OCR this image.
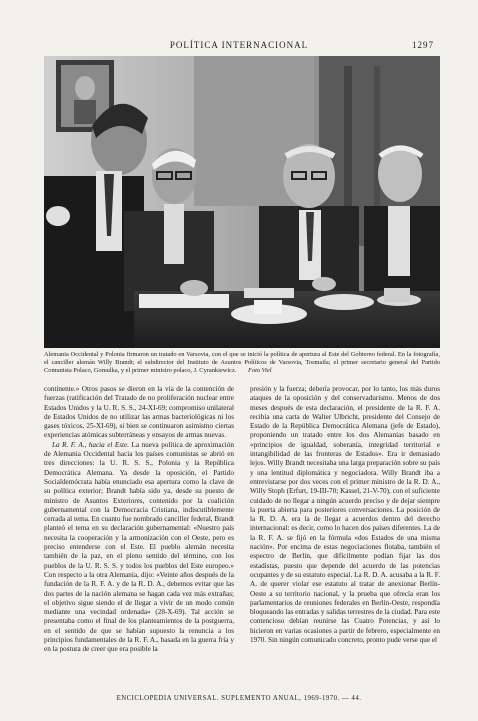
POLÍTICA INTERNACIONAL	1297
Alemania Occidental y Polonia firmaron un tratado en Varsovia, con el que se inició la política de apertura al Este del Gobierno federal. En la fotografía, el canciller alemán Willy Brandt; el subdirector del Instituto de Asuntos Políticos de Varsovia, Tosmaila; el primer secretario general del Partido Comunista Polaco, Gomulka, y el primer ministro polaco, J. Cyrankiewicz. Foto Viel

continente.» Otros pasos se dieron en la vía de la contención de fuerzas (ratificación del Tratado de no proliferación nuclear entre Estados Unidos y la U. R. S. S., 24-XI-69; compromiso unilateral de Estados Unidos de no utilizar las armas bacteriológicas ni los gases tóxicos, 25-XI-69), si bien se continuaron asimismo ciertas experiencias atómicas subterráneas y ensayos de armas nuevas.

La R. F. A., hacia el Este. La nueva política de aproximación de Alemania Occidental hacia los países comunistas se abrió en tres direcciones: la U. R. S. S., Polonia y la República Democrática Alemana. Ya desde la oposición, el Partido Socialdemócrata había enunciado esa apertura como la clave de su política exterior; Brandt había sido ya, desde su puesto de ministro de Asuntos Exteriores, contenido por la coalición gubernamental con la Democracia Cristiana, indiscutiblemente cerrada al tema. En cuanto fue nombrado canciller federal, Brandt planteó el tema en su declaración gubernamental: «Nuestro país necesita la cooperación y la armonización con el Oeste, pero es preciso entenderse con el Este. El pueblo alemán necesita también de la paz, en el pleno sentido del término, con los pueblos de la U. R. S. S. y todos los pueblos del Este europeo.» Con respecto a la otra Alemania, dijo: «Veinte años después de la fundación de la R. F. A. y de la R. D. A., debemos evitar que las dos partes de la nación alemana se hagan cada vez más extrañas; el objetivo sigue siendo el de llegar a vivir de un modo común mediante una vecindad ordenada» (28-X-69). Tal acción se presentaba como el final de los planteamientos de la postguerra, en el sentido de que se habían supuesto la renuncia a los principios fundamentales de la R. F. A., basada en la guerra fría y en la postura de creer que era posible la

presión y la fuerza; debería provocar, por lo tanto, los más duros ataques de la oposición y del conservadurismo. Menos de dos meses después de esta declaración, el presidente de la R. F. A. recibía una carta de Walter Ulbricht, presidente del Consejo de Estado de la República Democrática Alemana (jefe de Estado), proponiendo un tratado entre los dos Alemanias basado en «principios de igualdad, soberanía, integridad territorial e intangibilidad de las fronteras de Estados». Era ir demasiado lejos. Willy Brandt necesitaba una larga preparación sobre su país y una lentitud diplomática y negociadora. Willy Brandt iba a entrevistarse por dos veces con el primer ministro de la R. D. A., Willy Stoph (Erfurt, 19-III-70; Kassel, 21-V-70), con el suficiente cuidado de no llegar a ningún acuerdo preciso y de dejar siempre la puerta abierta para posteriores conversaciones. La posición de la R. D. A. era la de llegar a acuerdos dentro del derecho internacional: es decir, como lo hacen dos países diferentes. La de la R. F. A. se fijó en la fórmula «dos Estados de una misma nación». Por encima de estas negociaciones flotaba, también el espectro de Berlín, que difícilmente podían fijar las dos estadistas, puesto que depende del acuerdo de las potencias ocupantes y de su estatuto especial. La R. D. A. acusaba a la R. F. A. de querer violar ese estatuto al tratar de anexionar Berlín-Oeste a su territorio nacional, y la prueba que ofrecía eran los parlamentarios de reuniones federales en Berlín-Oeste, respondía bloqueando las entradas y salidas terrestres de la ciudad. Para este contencioso debían reunirse las Cuatro Potencias, y así lo hicieron en varias ocasiones a partir de febrero, especialmente en 1970. Sin ningún comunicado concreto, pronto pude verse que el

ENCICLOPEDIA UNIVERSAL. SUPLEMENTO ANUAL, 1969-1970. — 44.
